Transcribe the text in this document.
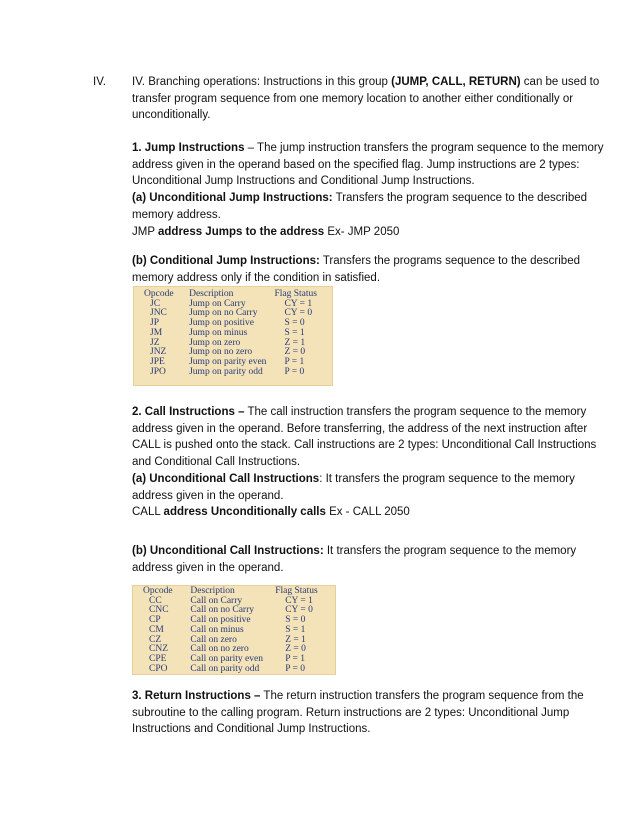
IV. IV. Branching operations: Instructions in this group (JUMP, CALL, RETURN) can be used to

transfer program sequence from one memory location to another either conditionally or

unconditionally.

1. Jump Instructions – The jump instruction transfers the program sequence to the memory

address given in the operand based on the specified flag. Jump instructions are 2 types:

Unconditional Jump Instructions and Conditional Jump Instructions.

(a) Unconditional Jump Instructions: Transfers the program sequence to the described

memory address.

JMP address Jumps to the address Ex- JMP 2050

(b) Conditional Jump Instructions: Transfers the programs sequence to the described

memory address only if the condition in satisfied.

Opcode	Description	Flag Status
JC	Jump on Carry	CY = 1
JNC	Jump on no Carry	CY = 0
JP	Jump on positive	S = 0
JM	Jump on minus	S = 1
JZ	Jump on zero	Z = 1
JNZ	Jump on no zero	Z = 0
JPE	Jump on parity even	P = 1
JPO	Jump on parity odd	P = 0

2. Call Instructions – The call instruction transfers the program sequence to the memory

address given in the operand. Before transferring, the address of the next instruction after

CALL is pushed onto the stack. Call instructions are 2 types: Unconditional Call Instructions

and Conditional Call Instructions.

(a) Unconditional Call Instructions: It transfers the program sequence to the memory

address given in the operand.

CALL address Unconditionally calls Ex - CALL 2050

(b) Unconditional Call Instructions: It transfers the program sequence to the memory

address given in the operand.

Opcode	Description	Flag Status
CC	Call on Carry	CY = 1
CNC	Call on no Carry	CY = 0
CP	Call on positive	S = 0
CM	Call on minus	S = 1
CZ	Call on zero	Z = 1
CNZ	Call on no zero	Z = 0
CPE	Call on parity even	P = 1
CPO	Call on parity odd	P = 0

3. Return Instructions – The return instruction transfers the program sequence from the

subroutine to the calling program. Return instructions are 2 types: Unconditional Jump

Instructions and Conditional Jump Instructions.
